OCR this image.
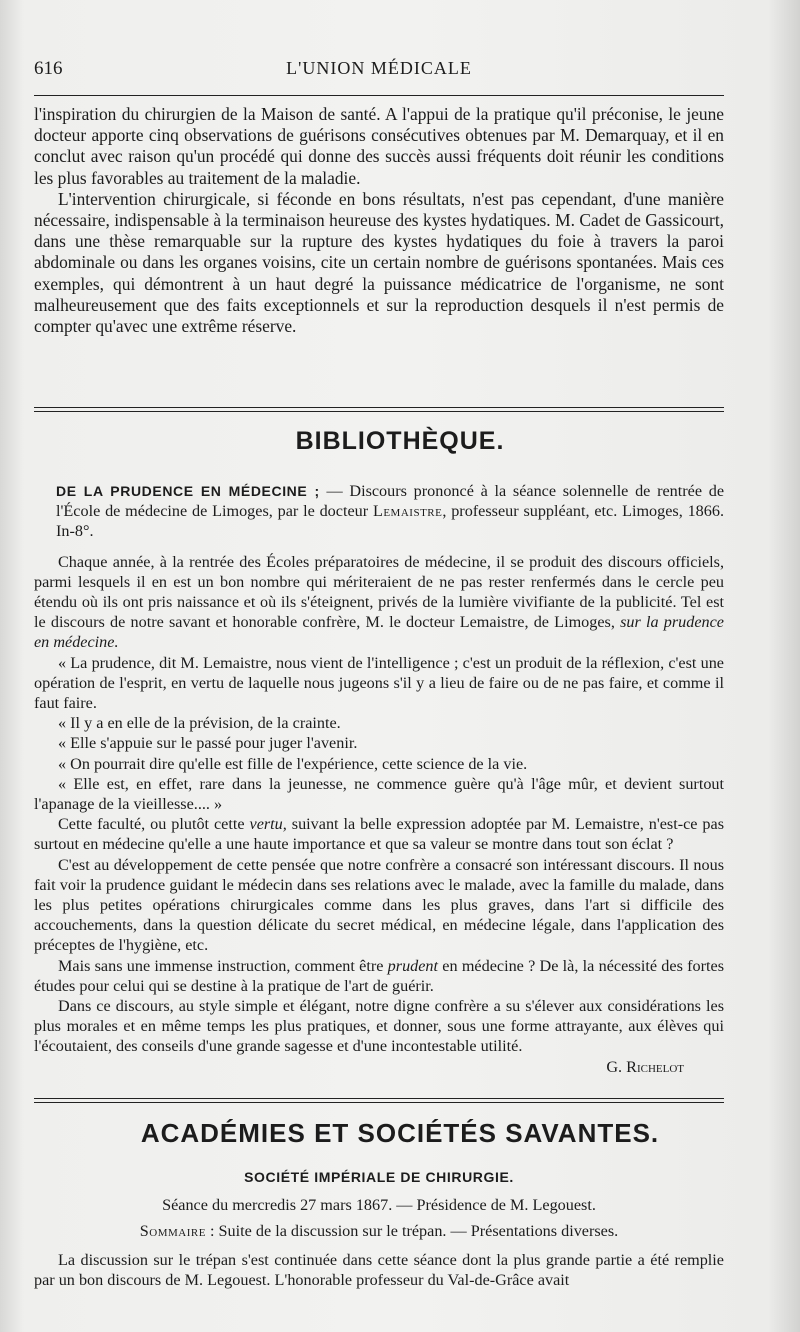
616	L'UNION MÉDICALE

l'inspiration du chirurgien de la Maison de santé. A l'appui de la pratique qu'il préconise, le jeune docteur apporte cinq observations de guérisons consécutives obtenues par M. Demarquay, et il en conclut avec raison qu'un procédé qui donne des succès aussi fréquents doit réunir les conditions les plus favorables au traitement de la maladie.

L'intervention chirurgicale, si féconde en bons résultats, n'est pas cependant, d'une manière nécessaire, indispensable à la terminaison heureuse des kystes hydatiques. M. Cadet de Gassicourt, dans une thèse remarquable sur la rupture des kystes hydatiques du foie à travers la paroi abdominale ou dans les organes voisins, cite un certain nombre de guérisons spontanées. Mais ces exemples, qui démontrent à un haut degré la puissance médicatrice de l'organisme, ne sont malheureusement que des faits exceptionnels et sur la reproduction desquels il n'est permis de compter qu'avec une extrême réserve.

BIBLIOTHÈQUE.

DE LA PRUDENCE EN MÉDECINE ; — Discours prononcé à la séance solennelle de rentrée de l'École de médecine de Limoges, par le docteur Lemaistre, professeur suppléant, etc. Limoges, 1866. In-8°.

Chaque année, à la rentrée des Écoles préparatoires de médecine, il se produit des discours officiels, parmi lesquels il en est un bon nombre qui mériteraient de ne pas rester renfermés dans le cercle peu étendu où ils ont pris naissance et où ils s'éteignent, privés de la lumière vivifiante de la publicité. Tel est le discours de notre savant et honorable confrère, M. le docteur Lemaistre, de Limoges, sur la prudence en médecine.

« La prudence, dit M. Lemaistre, nous vient de l'intelligence ; c'est un produit de la réflexion, c'est une opération de l'esprit, en vertu de laquelle nous jugeons s'il y a lieu de faire ou de ne pas faire, et comme il faut faire.

« Il y a en elle de la prévision, de la crainte.

« Elle s'appuie sur le passé pour juger l'avenir.

« On pourrait dire qu'elle est fille de l'expérience, cette science de la vie.

« Elle est, en effet, rare dans la jeunesse, ne commence guère qu'à l'âge mûr, et devient surtout l'apanage de la vieillesse.... »

Cette faculté, ou plutôt cette vertu, suivant la belle expression adoptée par M. Lemaistre, n'est-ce pas surtout en médecine qu'elle a une haute importance et que sa valeur se montre dans tout son éclat ?

C'est au développement de cette pensée que notre confrère a consacré son intéressant discours. Il nous fait voir la prudence guidant le médecin dans ses relations avec le malade, avec la famille du malade, dans les plus petites opérations chirurgicales comme dans les plus graves, dans l'art si difficile des accouchements, dans la question délicate du secret médical, en médecine légale, dans l'application des préceptes de l'hygiène, etc.

Mais sans une immense instruction, comment être prudent en médecine ? De là, la nécessité des fortes études pour celui qui se destine à la pratique de l'art de guérir.

Dans ce discours, au style simple et élégant, notre digne confrère a su s'élever aux considérations les plus morales et en même temps les plus pratiques, et donner, sous une forme attrayante, aux élèves qui l'écoutaient, des conseils d'une grande sagesse et d'une incontestable utilité.

G. Richelot

ACADÉMIES ET SOCIÉTÉS SAVANTES.

SOCIÉTÉ IMPÉRIALE DE CHIRURGIE.

Séance du mercredis 27 mars 1867. — Présidence de M. Legouest.

Sommaire : Suite de la discussion sur le trépan. — Présentations diverses.

La discussion sur le trépan s'est continuée dans cette séance dont la plus grande partie a été remplie par un bon discours de M. Legouest. L'honorable professeur du Val-de-Grâce avait
